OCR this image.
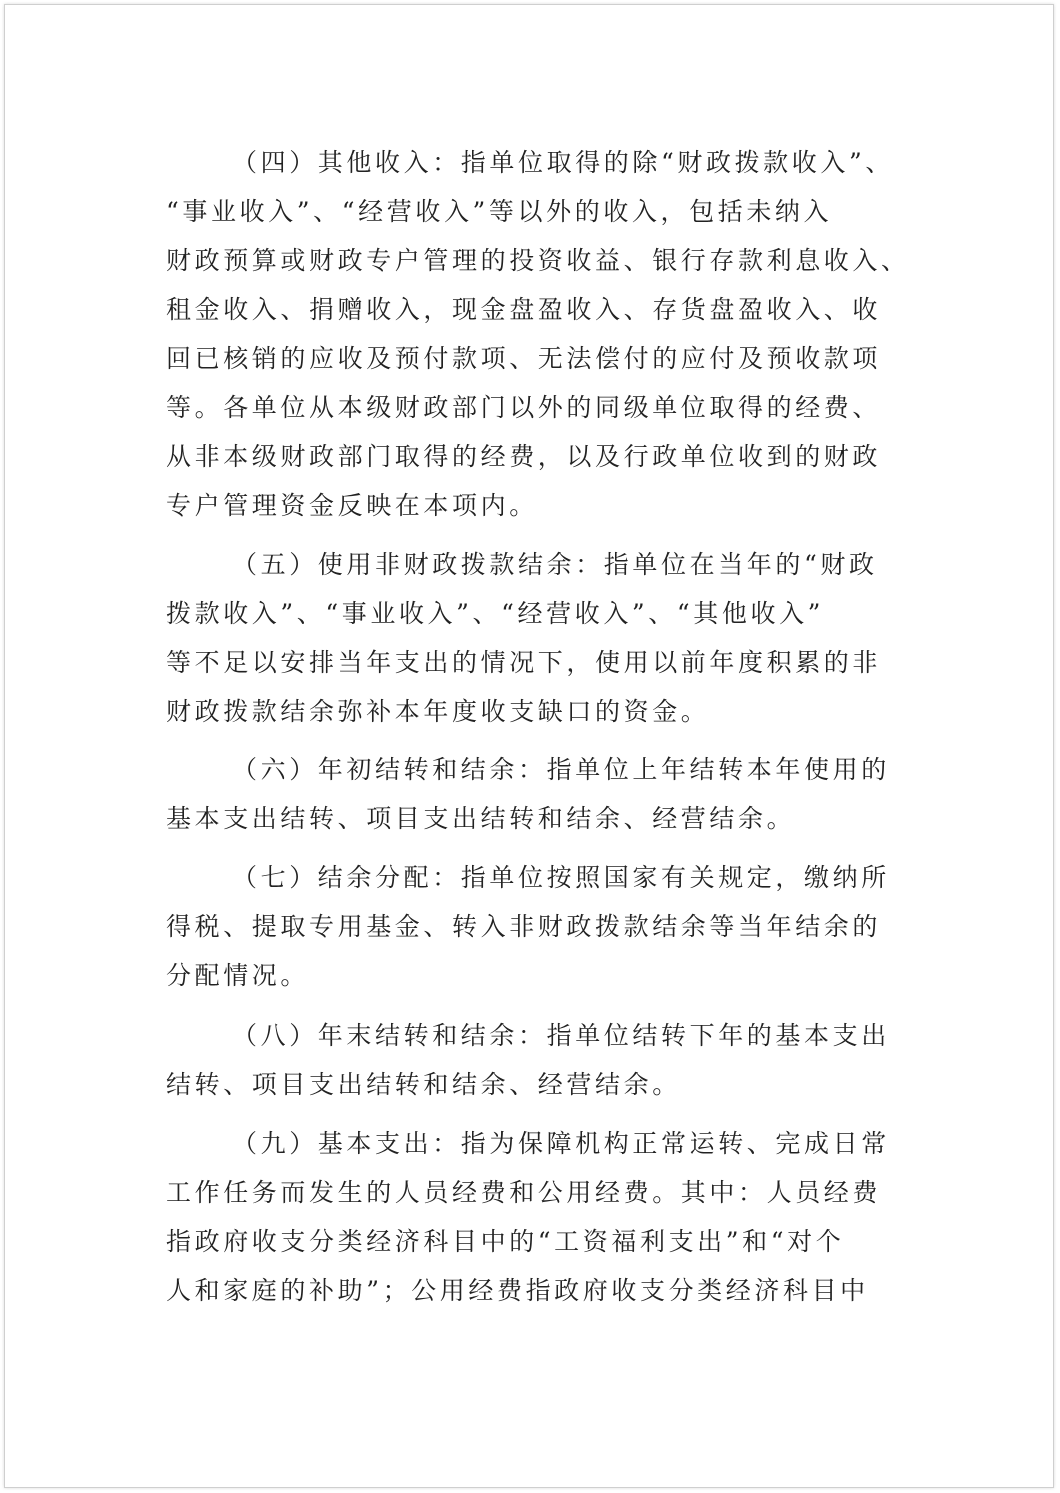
（四）其他收入：指单位取得的除“财政拨款收入”、
“事业收入”、“经营收入”等以外的收入，包括未纳入
财政预算或财政专户管理的投资收益、银行存款利息收入、
租金收入、捐赠收入，现金盘盈收入、存货盘盈收入、收
回已核销的应收及预付款项、无法偿付的应付及预收款项
等。各单位从本级财政部门以外的同级单位取得的经费、
从非本级财政部门取得的经费，以及行政单位收到的财政
专户管理资金反映在本项内。
（五）使用非财政拨款结余：指单位在当年的“财政
拨款收入”、“事业收入”、“经营收入”、“其他收入”
等不足以安排当年支出的情况下，使用以前年度积累的非
财政拨款结余弥补本年度收支缺口的资金。
（六）年初结转和结余：指单位上年结转本年使用的
基本支出结转、项目支出结转和结余、经营结余。
（七）结余分配：指单位按照国家有关规定，缴纳所
得税、提取专用基金、转入非财政拨款结余等当年结余的
分配情况。
（八）年末结转和结余：指单位结转下年的基本支出
结转、项目支出结转和结余、经营结余。
（九）基本支出：指为保障机构正常运转、完成日常
工作任务而发生的人员经费和公用经费。其中：人员经费
指政府收支分类经济科目中的“工资福利支出”和“对个
人和家庭的补助”；公用经费指政府收支分类经济科目中
